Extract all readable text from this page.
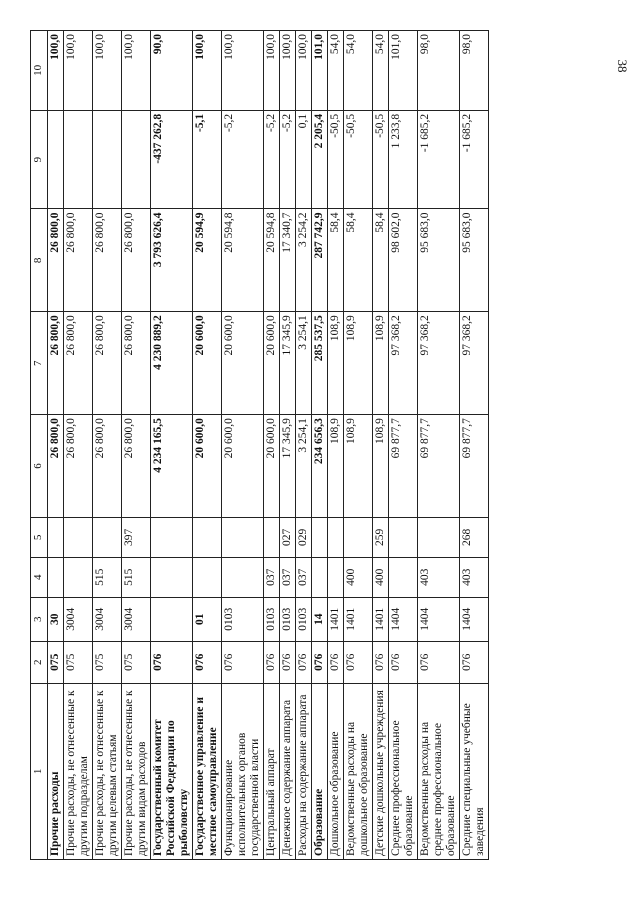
38
1	2	3	4	5	6	7	8	9	10
Прочие расходы	075	30			26 800,0	26 800,0	26 800,0		100,0
Прочие расходы, не отнесенные к другим подразделам	075	3004			26 800,0	26 800,0	26 800,0		100,0
Прочие расходы, не отнесенные к другим целевым статьям	075	3004	515		26 800,0	26 800,0	26 800,0		100,0
Прочие расходы, не отнесенные к другим видам расходов	075	3004	515	397	26 800,0	26 800,0	26 800,0		100,0
Государственный комитет Российской Федерации по рыболовству	076				4 234 165,5	4 230 889,2	3 793 626,4	-437 262,8	90,0
Государственное управление и местное самоуправление	076	01			20 600,0	20 600,0	20 594,9	-5,1	100,0
Функционирование исполнительных органов государственной власти	076	0103			20 600,0	20 600,0	20 594,8	-5,2	100,0
Центральный аппарат	076	0103	037		20 600,0	20 600,0	20 594,8	-5,2	100,0
Денежное содержание аппарата	076	0103	037	027	17 345,9	17 345,9	17 340,7	-5,2	100,0
Расходы на содержание аппарата	076	0103	037	029	3 254,1	3 254,1	3 254,2	0,1	100,0
Образование	076	14			234 656,3	285 537,5	287 742,9	2 205,4	101,0
Дошкольное образование	076	1401			108,9	108,9	58,4	-50,5	54,0
Ведомственные расходы на дошкольное образование	076	1401	400		108,9	108,9	58,4	-50,5	54,0
Детские дошкольные учреждения	076	1401	400	259	108,9	108,9	58,4	-50,5	54,0
Среднее профессиональное образование	076	1404			69 877,7	97 368,2	98 602,0	1 233,8	101,0
Ведомственные расходы на среднее профессиональное образование	076	1404	403		69 877,7	97 368,2	95 683,0	-1 685,2	98,0
Средние специальные учебные заведения	076	1404	403	268	69 877,7	97 368,2	95 683,0	-1 685,2	98,0
